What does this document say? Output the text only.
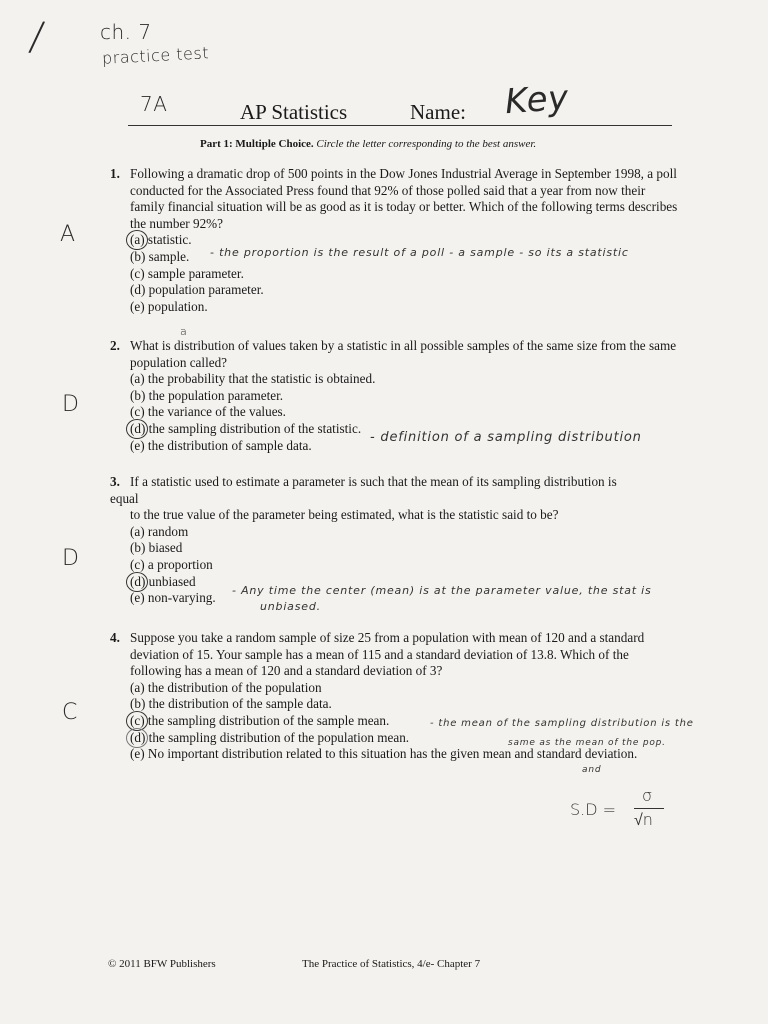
/	ch. 7
practice test
7A	Key
AP Statistics	Name:
Part 1: Multiple Choice. Circle the letter corresponding to the best answer.
A
1. Following a dramatic drop of 500 points in the Dow Jones Industrial Average in September 1998, a poll conducted for the Associated Press found that 92% of those polled said that a year from now their family financial situation will be as good as it is today or better. Which of the following terms describes the number 92%?
(a) statistic.
(b) sample.
(c) sample parameter.
(d) population parameter.
(e) population.
- the proportion is the result of a poll - a sample - so its a statistic
D
a
2. What is distribution of values taken by a statistic in all possible samples of the same size from the same population called?
(a) the probability that the statistic is obtained.
(b) the population parameter.
(c) the variance of the values.
(d) the sampling distribution of the statistic.
(e) the distribution of sample data.
- definition of a sampling distribution
D
3. If a statistic used to estimate a parameter is such that the mean of its sampling distribution is
equal
to the true value of the parameter being estimated, what is the statistic said to be?
(a) random
(b) biased
(c) a proportion
(d) unbiased
(e) non-varying.	- Any time the center (mean) is at the parameter value, the stat is
unbiased.
C
4. Suppose you take a random sample of size 25 from a population with mean of 120 and a standard deviation of 15. Your sample has a mean of 115 and a standard deviation of 13.8. Which of the following has a mean of 120 and a standard deviation of 3?
(a) the distribution of the population
(b) the distribution of the sample data.
(c) the sampling distribution of the sample mean.
(d) the sampling distribution of the population mean.
(e) No important distribution related to this situation has the given mean and standard deviation.
- the mean of the sampling distribution is the
same as the mean of the pop.
and
S.D =
σ
√n
© 2011 BFW Publishers	The Practice of Statistics, 4/e- Chapter 7
